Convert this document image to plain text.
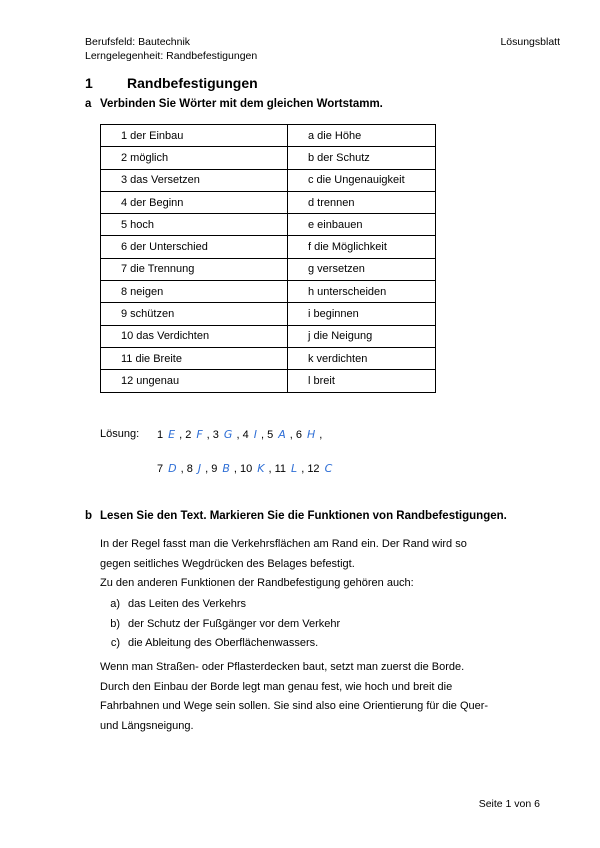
Berufsfeld: Bautechnik
Lerngelegenheit: Randbefestigungen
Lösungsblatt
1 Randbefestigungen
a Verbinden Sie Wörter mit dem gleichen Wortstamm.
1 der Einbau	a die Höhe
2 möglich	b der Schutz
3 das Versetzen	c die Ungenauigkeit
4 der Beginn	d trennen
5 hoch	e einbauen
6 der Unterschied	f die Möglichkeit
7 die Trennung	g versetzen
8 neigen	h unterscheiden
9 schützen	i beginnen
10 das Verdichten	j die Neigung
11 die Breite	k verdichten
12 ungenau	l breit
Lösung: 1 E , 2 F , 3 G , 4 I , 5 A , 6 H ,
7 D , 8 J , 9 B , 10 K , 11 L , 12 C
b Lesen Sie den Text. Markieren Sie die Funktionen von Randbefestigungen.
In der Regel fasst man die Verkehrsflächen am Rand ein. Der Rand wird so
gegen seitliches Wegdrücken des Belages befestigt.
Zu den anderen Funktionen der Randbefestigung gehören auch:
a) das Leiten des Verkehrs
b) der Schutz der Fußgänger vor dem Verkehr
c) die Ableitung des Oberflächenwassers.
Wenn man Straßen- oder Pflasterdecken baut, setzt man zuerst die Borde.
Durch den Einbau der Borde legt man genau fest, wie hoch und breit die
Fahrbahnen und Wege sein sollen. Sie sind also eine Orientierung für die Quer-
und Längsneigung.
Seite 1 von 6
